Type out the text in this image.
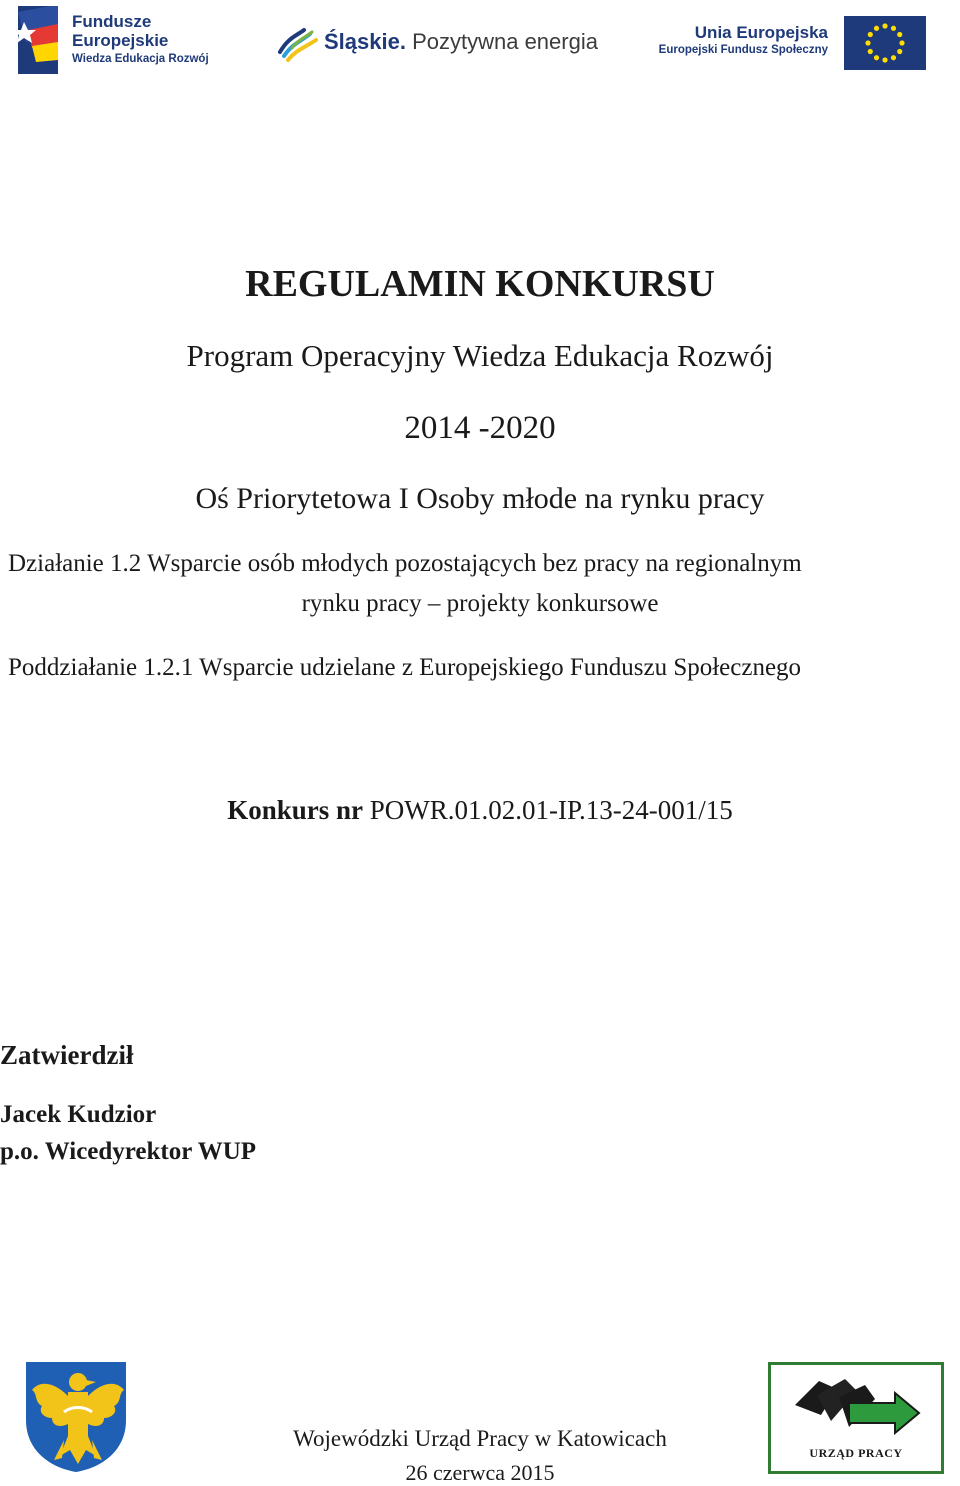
Fundusze
Europejskie
Wiedza Edukacja Rozwój
Śląskie. Pozytywna energia	Unia Europejska
Europejski Fundusz Społeczny
REGULAMIN KONKURSU
Program Operacyjny Wiedza Edukacja Rozwój
2014 -2020
Oś Priorytetowa I Osoby młode na rynku pracy
Działanie 1.2 Wsparcie osób młodych pozostających bez pracy na regionalnym
rynku pracy – projekty konkursowe
Poddziałanie 1.2.1 Wsparcie udzielane z Europejskiego Funduszu Społecznego
Konkurs nr POWR.01.02.01-IP.13-24-001/15
Zatwierdził
Jacek Kudzior
p.o. Wicedyrektor WUP
URZĄD PRACY
Wojewódzki Urząd Pracy w Katowicach
26 czerwca 2015
